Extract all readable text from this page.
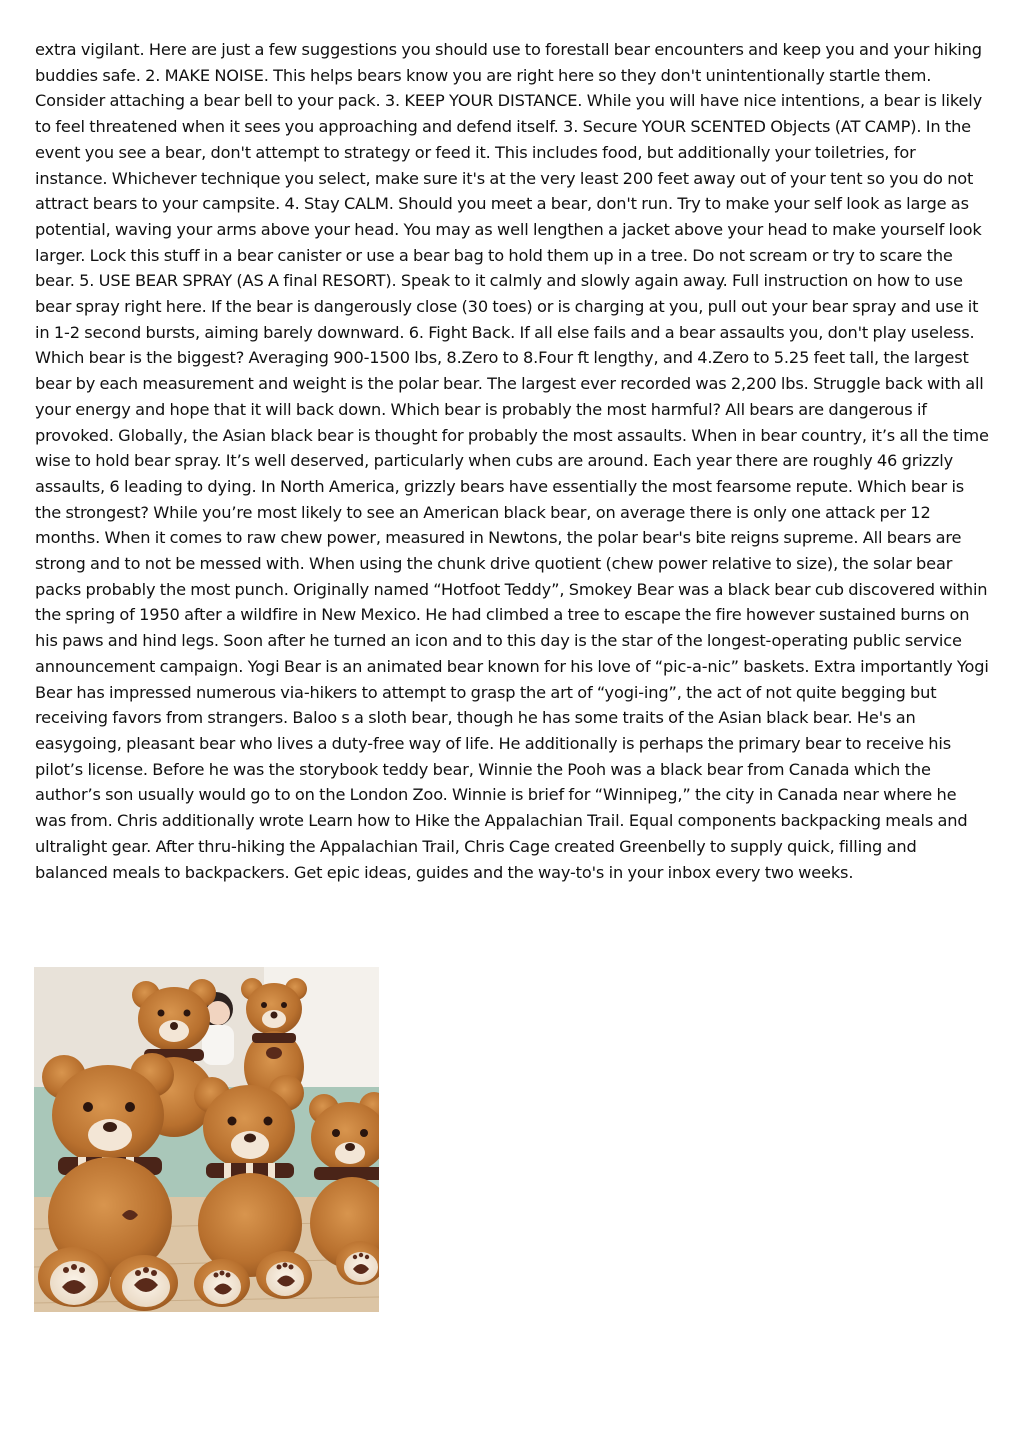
extra vigilant. Here are just a few suggestions you should use to forestall bear encounters and keep you and your hiking buddies safe. 2. MAKE NOISE. This helps bears know you are right here so they don't unintentionally startle them. Consider attaching a bear bell to your pack. 3. KEEP YOUR DISTANCE. While you will have nice intentions, a bear is likely to feel threatened when it sees you approaching and defend itself. 3. Secure YOUR SCENTED Objects (AT CAMP). In the event you see a bear, don't attempt to strategy or feed it. This includes food, but additionally your toiletries, for instance. Whichever technique you select, make sure it's at the very least 200 feet away out of your tent so you do not attract bears to your campsite. 4. Stay CALM. Should you meet a bear, don't run. Try to make your self look as large as potential, waving your arms above your head. You may as well lengthen a jacket above your head to make yourself look larger. Lock this stuff in a bear canister or use a bear bag to hold them up in a tree. Do not scream or try to scare the bear. 5. USE BEAR SPRAY (AS A final RESORT). Speak to it calmly and slowly again away. Full instruction on how to use bear spray right here. If the bear is dangerously close (30 toes) or is charging at you, pull out your bear spray and use it in 1-2 second bursts, aiming barely downward. 6. Fight Back. If all else fails and a bear assaults you, don't play useless. Which bear is the biggest? Averaging 900-1500 lbs, 8.Zero to 8.Four ft lengthy, and 4.Zero to 5.25 feet tall, the largest bear by each measurement and weight is the polar bear. The largest ever recorded was 2,200 lbs. Struggle back with all your energy and hope that it will back down. Which bear is probably the most harmful? All bears are dangerous if provoked. Globally, the Asian black bear is thought for probably the most assaults. When in bear country, it’s all the time wise to hold bear spray. It’s well deserved, particularly when cubs are around. Each year there are roughly 46 grizzly assaults, 6 leading to dying. In North America, grizzly bears have essentially the most fearsome repute. Which bear is the strongest? While you’re most likely to see an American black bear, on average there is only one attack per 12 months. When it comes to raw chew power, measured in Newtons, the polar bear's bite reigns supreme. All bears are strong and to not be messed with. When using the chunk drive quotient (chew power relative to size), the solar bear packs probably the most punch. Originally named “Hotfoot Teddy”, Smokey Bear was a black bear cub discovered within the spring of 1950 after a wildfire in New Mexico. He had climbed a tree to escape the fire however sustained burns on his paws and hind legs. Soon after he turned an icon and to this day is the star of the longest-operating public service announcement campaign. Yogi Bear is an animated bear known for his love of “pic-a-nic” baskets. Extra importantly Yogi Bear has impressed numerous via-hikers to attempt to grasp the art of “yogi-ing”, the act of not quite begging but receiving favors from strangers. Baloo s a sloth bear, though he has some traits of the Asian black bear. He's an easygoing, pleasant bear who lives a duty-free way of life. He additionally is perhaps the primary bear to receive his pilot’s license. Before he was the storybook teddy bear, Winnie the Pooh was a black bear from Canada which the author’s son usually would go to on the London Zoo. Winnie is brief for “Winnipeg,” the city in Canada near where he was from. Chris additionally wrote Learn how to Hike the Appalachian Trail. Equal components backpacking meals and ultralight gear. After thru-hiking the Appalachian Trail, Chris Cage created Greenbelly to supply quick, filling and balanced meals to backpackers. Get epic ideas, guides and the way-to's in your inbox every two weeks.
